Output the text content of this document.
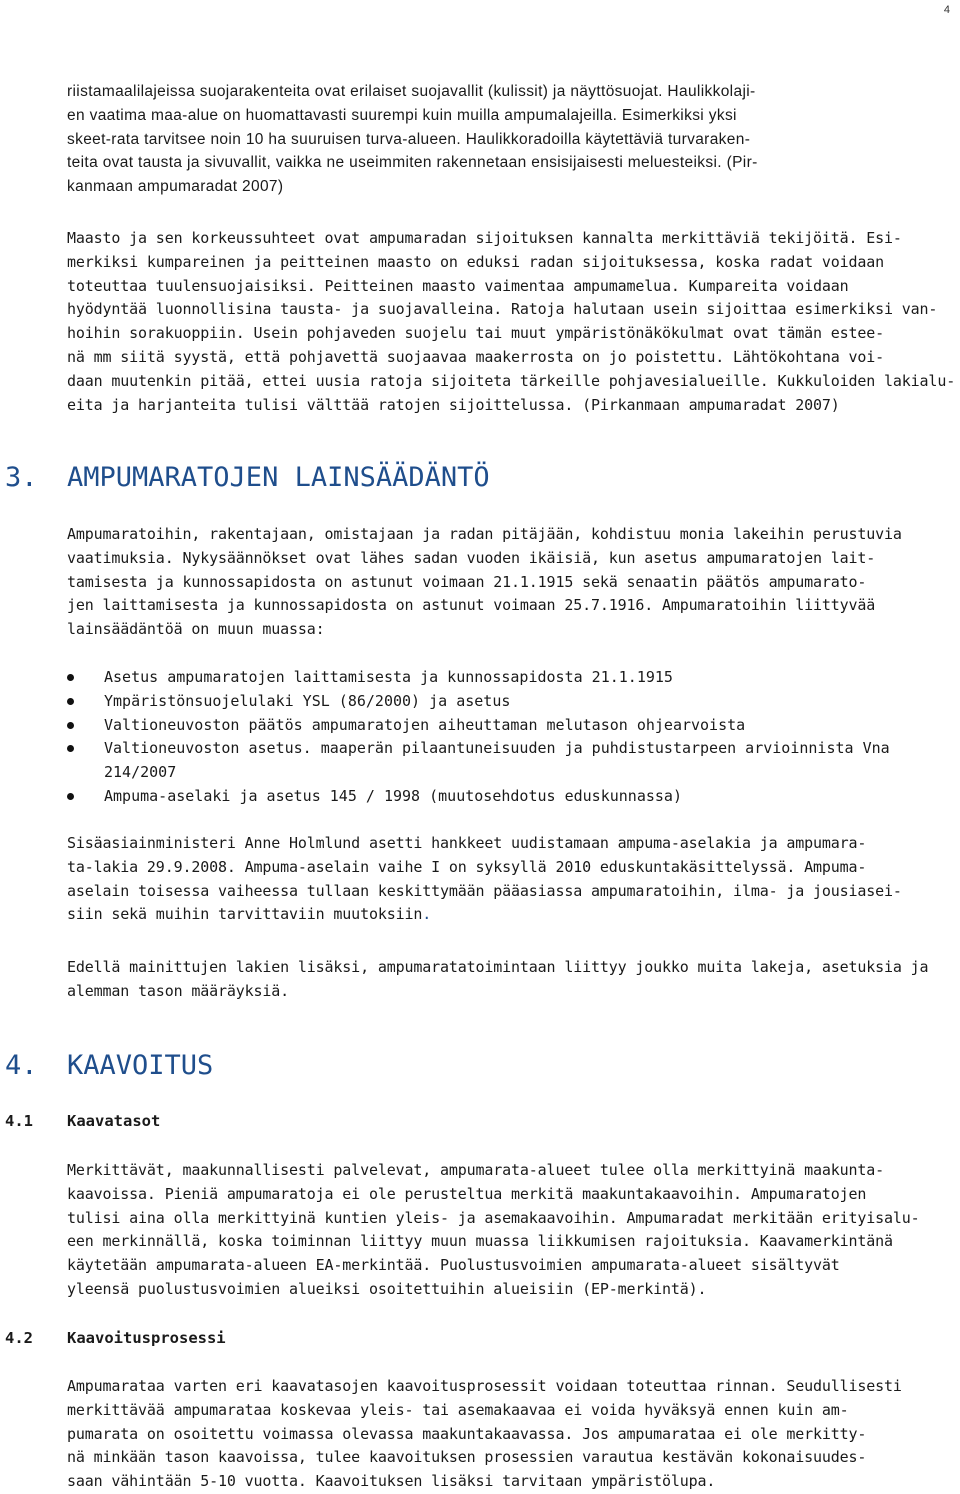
4

riistamaalilajeissa suojarakenteita ovat erilaiset suojavallit (kulissit) ja näyttösuojat. Haulikkolaji-
en vaatima maa-alue on huomattavasti suurempi kuin muilla ampumalajeilla. Esimerkiksi yksi
skeet-rata tarvitsee noin 10 ha suuruisen turva-alueen. Haulikkoradoilla käytettäviä turvaraken-
teita ovat tausta ja sivuvallit, vaikka ne useimmiten rakennetaan ensisijaisesti meluesteiksi. (Pir-
kanmaan ampumaradat 2007)

Maasto ja sen korkeussuhteet ovat ampumaradan sijoituksen kannalta merkittäviä tekijöitä. Esi-
merkiksi kumpareinen ja peitteinen maasto on eduksi radan sijoituksessa, koska radat voidaan
toteuttaa tuulensuojaisiksi. Peitteinen maasto vaimentaa ampumamelua. Kumpareita voidaan
hyödyntää luonnollisina tausta- ja suojavalleina. Ratoja halutaan usein sijoittaa esimerkiksi van-
hoihin sorakuoppiin. Usein pohjaveden suojelu tai muut ympäristönäkökulmat ovat tämän estee-
nä mm siitä syystä, että pohjavettä suojaavaa maakerrosta on jo poistettu. Lähtökohtana voi-
daan muutenkin pitää, ettei uusia ratoja sijoiteta tärkeille pohjavesialueille. Kukkuloiden lakialu-
eita ja harjanteita tulisi välttää ratojen sijoittelussa. (Pirkanmaan ampumaradat 2007)

3. AMPUMARATOJEN LAINSÄÄDÄNTÖ

Ampumaratoihin, rakentajaan, omistajaan ja radan pitäjään, kohdistuu monia lakeihin perustuvia
vaatimuksia. Nykysäännökset ovat lähes sadan vuoden ikäisiä, kun asetus ampumaratojen lait-
tamisesta ja kunnossapidosta on astunut voimaan 21.1.1915 sekä senaatin päätös ampumarato-
jen laittamisesta ja kunnossapidosta on astunut voimaan 25.7.1916. Ampumaratoihin liittyvää
lainsäädäntöä on muun muassa:

Asetus ampumaratojen laittamisesta ja kunnossapidosta 21.1.1915
Ympäristönsuojelulaki YSL (86/2000) ja asetus
Valtioneuvoston päätös ampumaratojen aiheuttaman melutason ohjearvoista
Valtioneuvoston asetus. maaperän pilaantuneisuuden ja puhdistustarpeen arvioinnista Vna
214/2007
Ampuma-aselaki ja asetus 145 / 1998 (muutosehdotus eduskunnassa)

Sisäasiainministeri Anne Holmlund asetti hankkeet uudistamaan ampuma-aselakia ja ampumara-
ta-lakia 29.9.2008. Ampuma-aselain vaihe I on syksyllä 2010 eduskuntakäsittelyssä. Ampuma-
aselain toisessa vaiheessa tullaan keskittymään pääasiassa ampumaratoihin, ilma- ja jousiasei-
siin sekä muihin tarvittaviin muutoksiin.

Edellä mainittujen lakien lisäksi, ampumaratatoimintaan liittyy joukko muita lakeja, asetuksia ja
alemman tason määräyksiä.

4. KAAVOITUS
4.1 Kaavatasot

Merkittävät, maakunnallisesti palvelevat, ampumarata-alueet tulee olla merkittyinä maakunta-
kaavoissa. Pieniä ampumaratoja ei ole perusteltua merkitä maakuntakaavoihin. Ampumaratojen
tulisi aina olla merkittyinä kuntien yleis- ja asemakaavoihin. Ampumaradat merkitään erityisalu-
een merkinnällä, koska toiminnan liittyy muun muassa liikkumisen rajoituksia. Kaavamerkintänä
käytetään ampumarata-alueen EA-merkintää. Puolustusvoimien ampumarata-alueet sisältyvät
yleensä puolustusvoimien alueiksi osoitettuihin alueisiin (EP-merkintä).

4.2 Kaavoitusprosessi

Ampumarataa varten eri kaavatasojen kaavoitusprosessit voidaan toteuttaa rinnan. Seudullisesti
merkittävää ampumarataa koskevaa yleis- tai asemakaavaa ei voida hyväksyä ennen kuin am-
pumarata on osoitettu voimassa olevassa maakuntakaavassa. Jos ampumarataa ei ole merkitty-
nä minkään tason kaavoissa, tulee kaavoituksen prosessien varautua kestävän kokonaisuudes-
saan vähintään 5-10 vuotta. Kaavoituksen lisäksi tarvitaan ympäristölupa.
